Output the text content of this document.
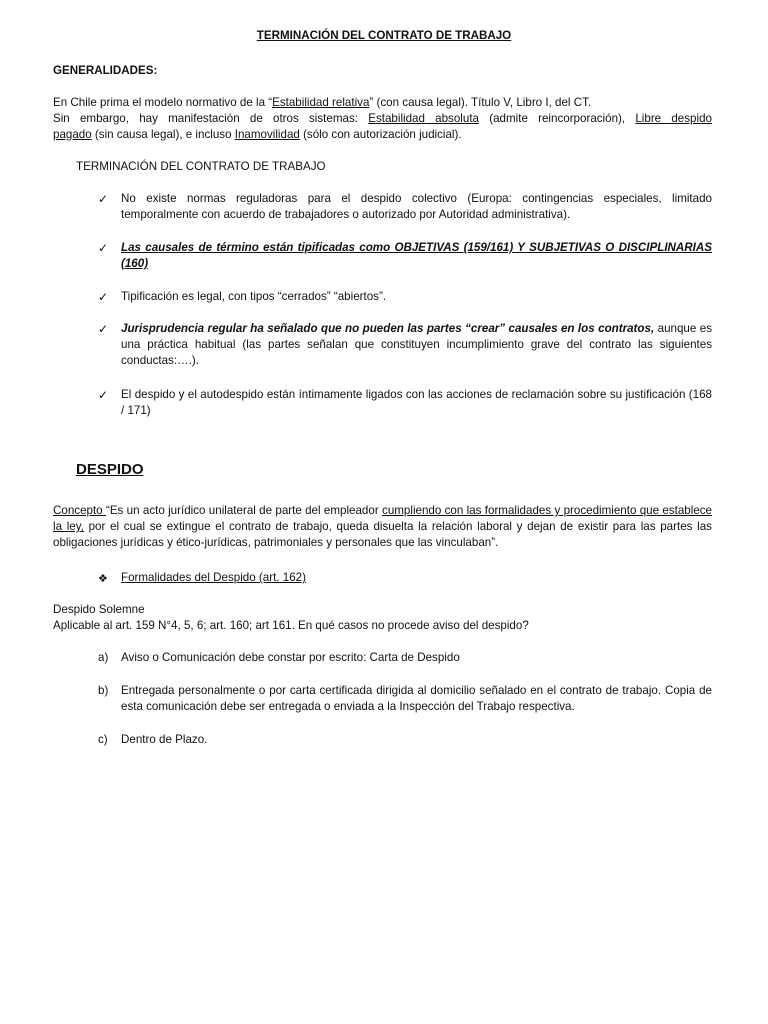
TERMINACIÓN DEL CONTRATO DE TRABAJO
GENERALIDADES:
En Chile prima el modelo normativo de la “Estabilidad relativa” (con causa legal). Título V, Libro I, del CT.
Sin embargo, hay manifestación de otros sistemas: Estabilidad absoluta (admite reincorporación), Libre despido
pagado (sin causa legal), e incluso Inamovilidad (sólo con autorización judicial).
TERMINACIÓN DEL CONTRATO DE TRABAJO
✓ No existe normas reguladoras para el despido colectivo (Europa: contingencias especiales, limitado temporalmente con acuerdo de trabajadores o autorizado por Autoridad administrativa).
✓ Las causales de término están tipificadas como OBJETIVAS (159/161) Y SUBJETIVAS O DISCIPLINARIAS (160)
✓ Tipificación es legal, con tipos “cerrados” “abiertos”.
✓ Jurisprudencia regular ha señalado que no pueden las partes “crear” causales en los contratos, aunque es una práctica habitual (las partes señalan que constituyen incumplimiento grave del contrato las siguientes conductas:….).
✓ El despido y el autodespido están íntimamente ligados con las acciones de reclamación sobre su justificación (168 / 171)
DESPIDO
Concepto “Es un acto jurídico unilateral de parte del empleador cumpliendo con las formalidades y procedimiento que establece la ley, por el cual se extingue el contrato de trabajo, queda disuelta la relación laboral y dejan de existir para las partes las obligaciones jurídicas y ético-jurídicas, patrimoniales y personales que las vinculaban”.
❖ Formalidades del Despido (art. 162)
Despido Solemne
Aplicable al art. 159 N°4, 5, 6; art. 160; art 161. En qué casos no procede aviso del despido?
a) Aviso o Comunicación debe constar por escrito: Carta de Despido
b) Entregada personalmente o por carta certificada dirigida al domicilio señalado en el contrato de trabajo. Copia de esta comunicación debe ser entregada o enviada a la Inspección del Trabajo respectiva.
c) Dentro de Plazo.
